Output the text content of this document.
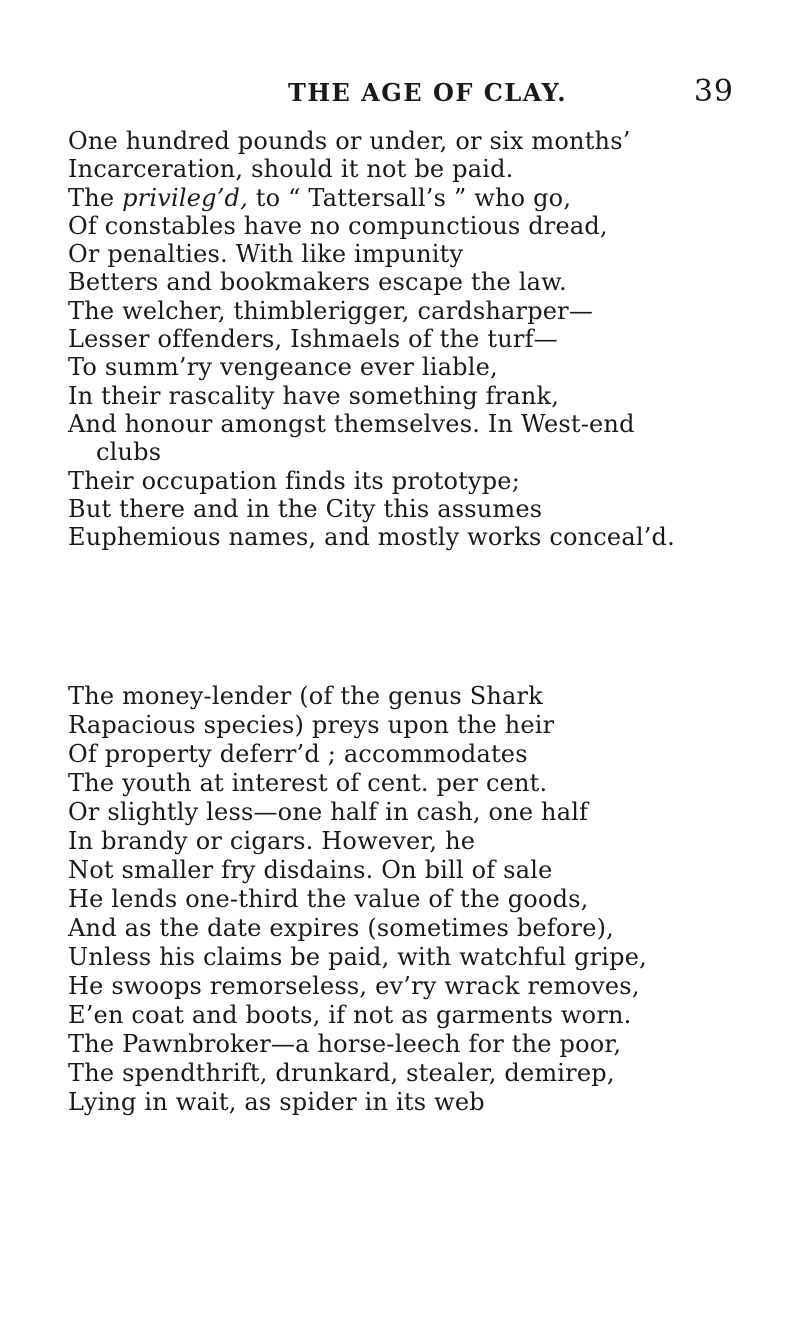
THE AGE OF CLAY.	39
One hundred pounds or under, or six months’
Incarceration, should it not be paid.
The privileg’d, to “ Tattersall’s ” who go,
Of constables have no compunctious dread,
Or penalties. With like impunity
Betters and bookmakers escape the law.
The welcher, thimblerigger, cardsharper—
Lesser offenders, Ishmaels of the turf—
To summ’ry vengeance ever liable,
In their rascality have something frank,
And honour amongst themselves. In West-end
clubs
Their occupation finds its prototype;
But there and in the City this assumes
Euphemious names, and mostly works conceal’d.
The money-lender (of the genus Shark
Rapacious species) preys upon the heir
Of property deferr’d ; accommodates
The youth at interest of cent. per cent.
Or slightly less—one half in cash, one half
In brandy or cigars. However, he
Not smaller fry disdains. On bill of sale
He lends one-third the value of the goods,
And as the date expires (sometimes before),
Unless his claims be paid, with watchful gripe,
He swoops remorseless, ev’ry wrack removes,
E’en coat and boots, if not as garments worn.
The Pawnbroker—a horse-leech for the poor,
The spendthrift, drunkard, stealer, demirep,
Lying in wait, as spider in its web
